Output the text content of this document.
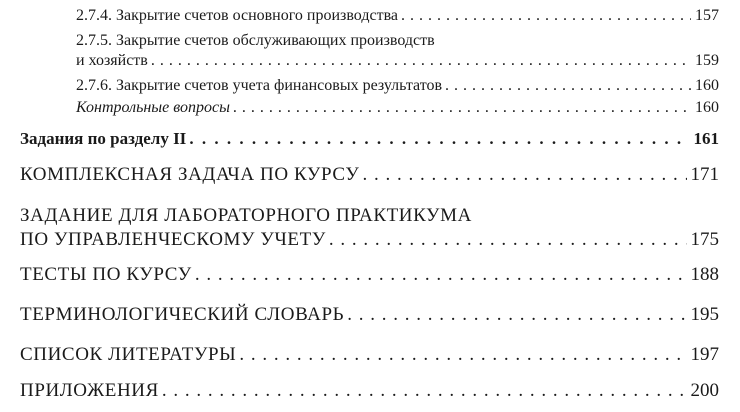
2.7.4. Закрытие счетов основного производства . . .	157
2.7.5. Закрытие счетов обслуживающих производств
и хозяйств . . .	159
2.7.6. Закрытие счетов учета финансовых результатов . . .	160
Контрольные вопросы . . .	160
Задания по разделу II . . .	161
КОМПЛЕКСНАЯ ЗАДАЧА ПО КУРСУ . . .	171
ЗАДАНИЕ ДЛЯ ЛАБОРАТОРНОГО ПРАКТИКУМА
ПО УПРАВЛЕНЧЕСКОМУ УЧЕТУ . . .	175
ТЕСТЫ ПО КУРСУ . . .	188
ТЕРМИНОЛОГИЧЕСКИЙ СЛОВАРЬ . . .	195
СПИСОК ЛИТЕРАТУРЫ . . .	197
ПРИЛОЖЕНИЯ . . .	200
